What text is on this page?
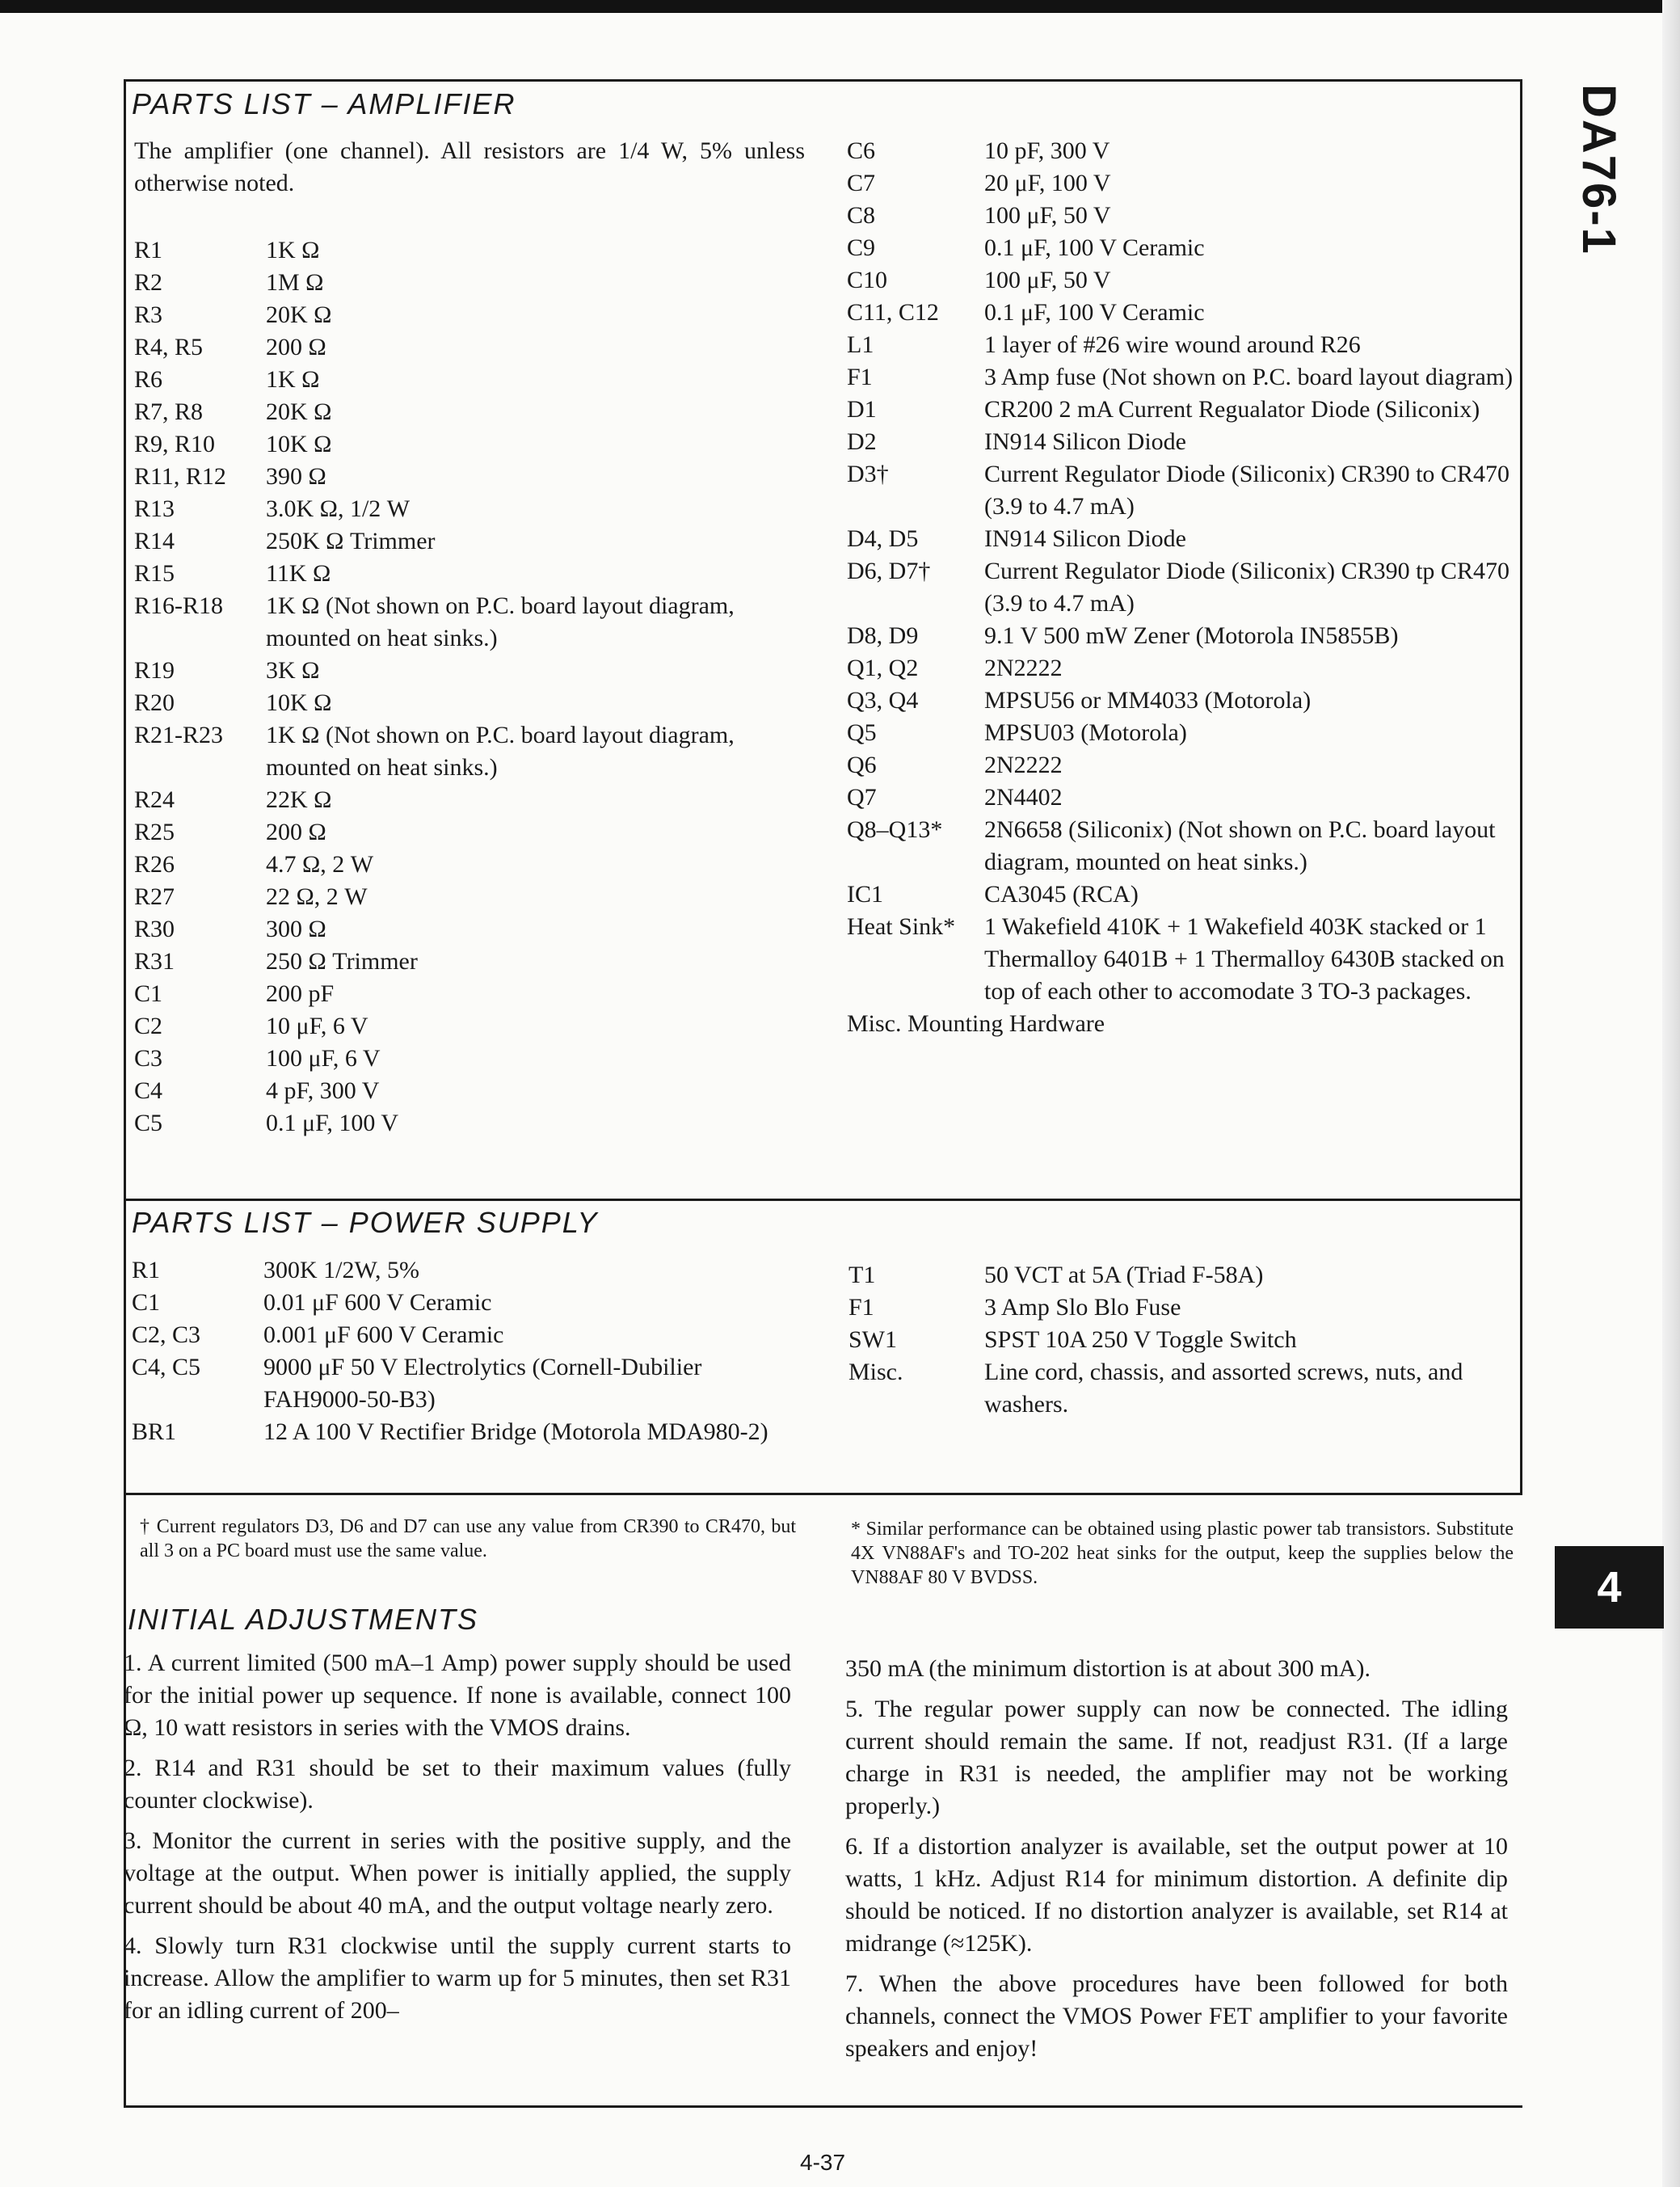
DA76-1
4
PARTS LIST – AMPLIFIER
The amplifier (one channel). All resistors are 1/4 W, 5% unless otherwise noted.
R1	1K Ω
R2	1M Ω
R3	20K Ω
R4, R5	200 Ω
R6	1K Ω
R7, R8	20K Ω
R9, R10	10K Ω
R11, R12	390 Ω
R13	3.0K Ω, 1/2 W
R14	250K Ω Trimmer
R15	11K Ω
R16-R18	1K Ω (Not shown on P.C. board layout diagram, mounted on heat sinks.)
R19	3K Ω
R20	10K Ω
R21-R23	1K Ω (Not shown on P.C. board layout diagram, mounted on heat sinks.)
R24	22K Ω
R25	200 Ω
R26	4.7 Ω, 2 W
R27	22 Ω, 2 W
R30	300 Ω
R31	250 Ω Trimmer
C1	200 pF
C2	10 μF, 6 V
C3	100 μF, 6 V
C4	4 pF, 300 V
C5	0.1 μF, 100 V
C6	10 pF, 300 V
C7	20 μF, 100 V
C8	100 μF, 50 V
C9	0.1 μF, 100 V Ceramic
C10	100 μF, 50 V
C11, C12	0.1 μF, 100 V Ceramic
L1	1 layer of #26 wire wound around R26
F1	3 Amp fuse (Not shown on P.C. board layout diagram)
D1	CR200 2 mA Current Regualator Diode (Siliconix)
D2	IN914 Silicon Diode
D3†	Current Regulator Diode (Siliconix) CR390 to CR470 (3.9 to 4.7 mA)
D4, D5	IN914 Silicon Diode
D6, D7†	Current Regulator Diode (Siliconix) CR390 tp CR470 (3.9 to 4.7 mA)
D8, D9	9.1 V 500 mW Zener (Motorola IN5855B)
Q1, Q2	2N2222
Q3, Q4	MPSU56 or MM4033 (Motorola)
Q5	MPSU03 (Motorola)
Q6	2N2222
Q7	2N4402
Q8–Q13*	2N6658 (Siliconix) (Not shown on P.C. board layout diagram, mounted on heat sinks.)
IC1	CA3045 (RCA)
Heat Sink*	1 Wakefield 410K + 1 Wakefield 403K stacked or 1 Thermalloy 6401B + 1 Thermalloy 6430B stacked on top of each other to accomodate 3 TO-3 packages.
Misc. Mounting Hardware
PARTS LIST – POWER SUPPLY
R1	300K 1/2W, 5%
C1	0.01 μF 600 V Ceramic
C2, C3	0.001 μF 600 V Ceramic
C4, C5	9000 μF 50 V Electrolytics (Cornell-Dubilier FAH9000-50-B3)
BR1	12 A 100 V Rectifier Bridge (Motorola MDA980-2)
T1	50 VCT at 5A (Triad F-58A)
F1	3 Amp Slo Blo Fuse
SW1	SPST 10A 250 V Toggle Switch
Misc.	Line cord, chassis, and assorted screws, nuts, and washers.
† Current regulators D3, D6 and D7 can use any value from CR390 to CR470, but all 3 on a PC board must use the same value.
* Similar performance can be obtained using plastic power tab transistors. Substitute 4X VN88AF's and TO-202 heat sinks for the output, keep the supplies below the VN88AF 80 V BVDSS.
INITIAL ADJUSTMENTS

1. A current limited (500 mA–1 Amp) power supply should be used for the initial power up sequence. If none is available, connect 100 Ω, 10 watt resistors in series with the VMOS drains.

2. R14 and R31 should be set to their maximum values (fully counter clockwise).

3. Monitor the current in series with the positive supply, and the voltage at the output. When power is initially applied, the supply current should be about 40 mA, and the output voltage nearly zero.

4. Slowly turn R31 clockwise until the supply current starts to increase. Allow the amplifier to warm up for 5 minutes, then set R31 for an idling current of 200–

350 mA (the minimum distortion is at about 300 mA).

5. The regular power supply can now be connected. The idling current should remain the same. If not, readjust R31. (If a large charge in R31 is needed, the amplifier may not be working properly.)

6. If a distortion analyzer is available, set the output power at 10 watts, 1 kHz. Adjust R14 for minimum distortion. A definite dip should be noticed. If no distortion analyzer is available, set R14 at midrange (≈125K).

7. When the above procedures have been followed for both channels, connect the VMOS Power FET amplifier to your favorite speakers and enjoy!

4-37
